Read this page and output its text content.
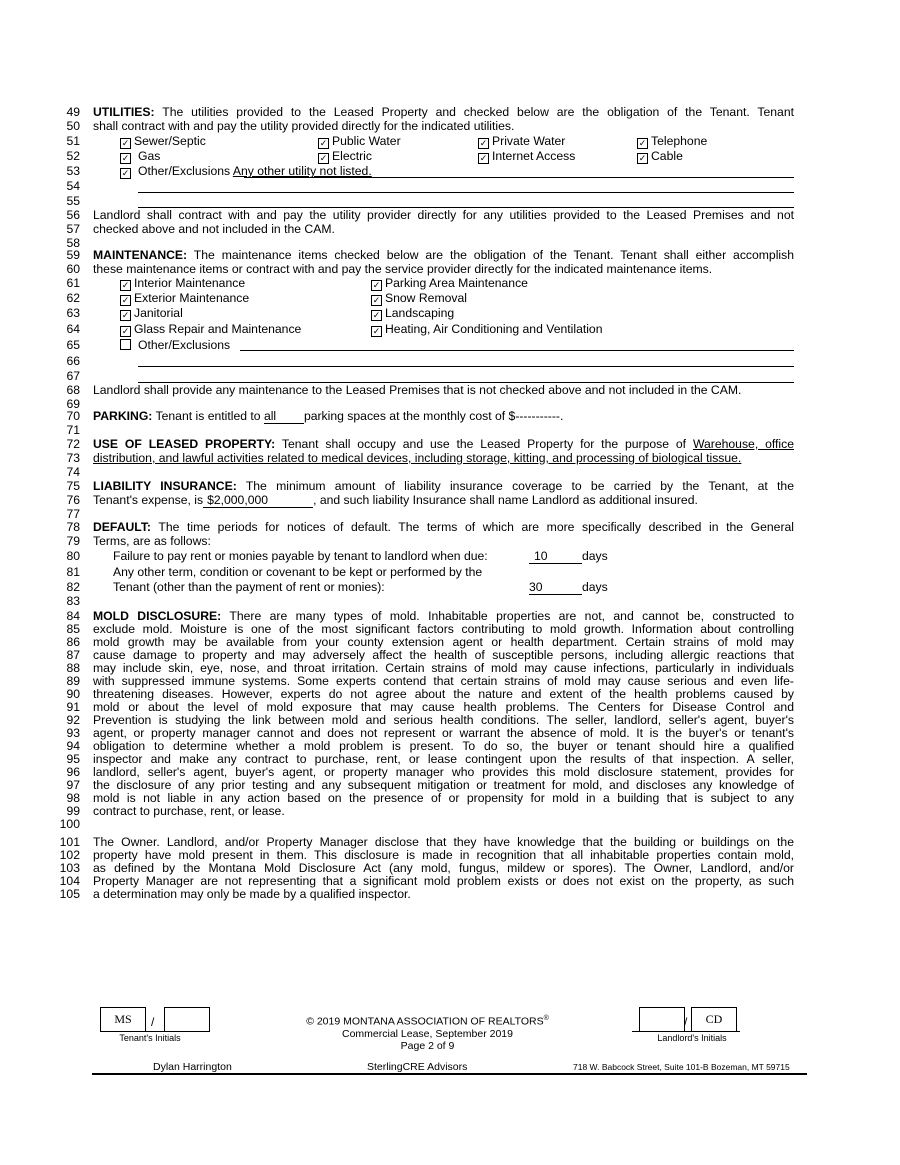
49
50
51
52
53
54
55
56
57
58
59
60
61
62
63
64
65
66
67
68
69
70
71
72
73
74
75
76
77
78
79
80
81
82
83
84
85
86
87
88
89
90
91
92
93
94
95
96
97
98
99
100
101
102
103
104
105
UTILITIES: The utilities provided to the Leased Property and checked below are the obligation of the Tenant. Tenant
shall contract with and pay the utility provided directly for the indicated utilities.
✓ Sewer/Septic	✓ Public Water	✓ Private Water	✓ Telephone
✓ Gas	✓ Electric	✓ Internet Access	✓ Cable
✓ Other/Exclusions Any other utility not listed.
Landlord shall contract with and pay the utility provider directly for any utilities provided to the Leased Premises and not
checked above and not included in the CAM.
MAINTENANCE: The maintenance items checked below are the obligation of the Tenant. Tenant shall either accomplish
these maintenance items or contract with and pay the service provider directly for the indicated maintenance items.
✓ Interior Maintenance	✓ Parking Area Maintenance
✓ Exterior Maintenance	✓ Snow Removal
✓ Janitorial	✓ Landscaping
✓ Glass Repair and Maintenance	✓ Heating, Air Conditioning and Ventilation
Other/Exclusions
Landlord shall provide any maintenance to the Leased Premises that is not checked above and not included in the CAM.
PARKING: Tenant is entitled to all parking spaces at the monthly cost of $-----------.
USE OF LEASED PROPERTY: Tenant shall occupy and use the Leased Property for the purpose of Warehouse, office
distribution, and lawful activities related to medical devices, including storage, kitting, and processing of biological tissue.
LIABILITY INSURANCE: The minimum amount of liability insurance coverage to be carried by the Tenant, at the
Tenant's expense, is $2,000,000	, and such liability Insurance shall name Landlord as additional insured.
DEFAULT: The time periods for notices of default. The terms of which are more specifically described in the General
Terms, are as follows:
Failure to pay rent or monies payable by tenant to landlord when due:	10	days
Any other term, condition or covenant to be kept or performed by the
Tenant (other than the payment of rent or monies):	30	days
MOLD DISCLOSURE: There are many types of mold. Inhabitable properties are not, and cannot be, constructed to
exclude mold. Moisture is one of the most significant factors contributing to mold growth. Information about controlling
mold growth may be available from your county extension agent or health department. Certain strains of mold may
cause damage to property and may adversely affect the health of susceptible persons, including allergic reactions that
may include skin, eye, nose, and throat irritation. Certain strains of mold may cause infections, particularly in individuals
with suppressed immune systems. Some experts contend that certain strains of mold may cause serious and even life-
threatening diseases. However, experts do not agree about the nature and extent of the health problems caused by
mold or about the level of mold exposure that may cause health problems. The Centers for Disease Control and
Prevention is studying the link between mold and serious health conditions. The seller, landlord, seller's agent, buyer's
agent, or property manager cannot and does not represent or warrant the absence of mold. It is the buyer's or tenant's
obligation to determine whether a mold problem is present. To do so, the buyer or tenant should hire a qualified
inspector and make any contract to purchase, rent, or lease contingent upon the results of that inspection. A seller,
landlord, seller's agent, buyer's agent, or property manager who provides this mold disclosure statement, provides for
the disclosure of any prior testing and any subsequent mitigation or treatment for mold, and discloses any knowledge of
mold is not liable in any action based on the presence of or propensity for mold in a building that is subject to any
contract to purchase, rent, or lease.
The Owner. Landlord, and/or Property Manager disclose that they have knowledge that the building or buildings on the
property have mold present in them. This disclosure is made in recognition that all inhabitable properties contain mold,
as defined by the Montana Mold Disclosure Act (any mold, fungus, mildew or spores). The Owner, Landlord, and/or
Property Manager are not representing that a significant mold problem exists or does not exist on the property, as such
a determination may only be made by a qualified inspector.
MS	/
Tenant's Initials
© 2019 MONTANA ASSOCIATION OF REALTORS®
Commercial Lease, September 2019
Page 2 of 9
/	CD
Landlord's Initials
Dylan Harrington	SterlingCRE Advisors	718 W. Babcock Street, Suite 101-B Bozeman, MT 59715
